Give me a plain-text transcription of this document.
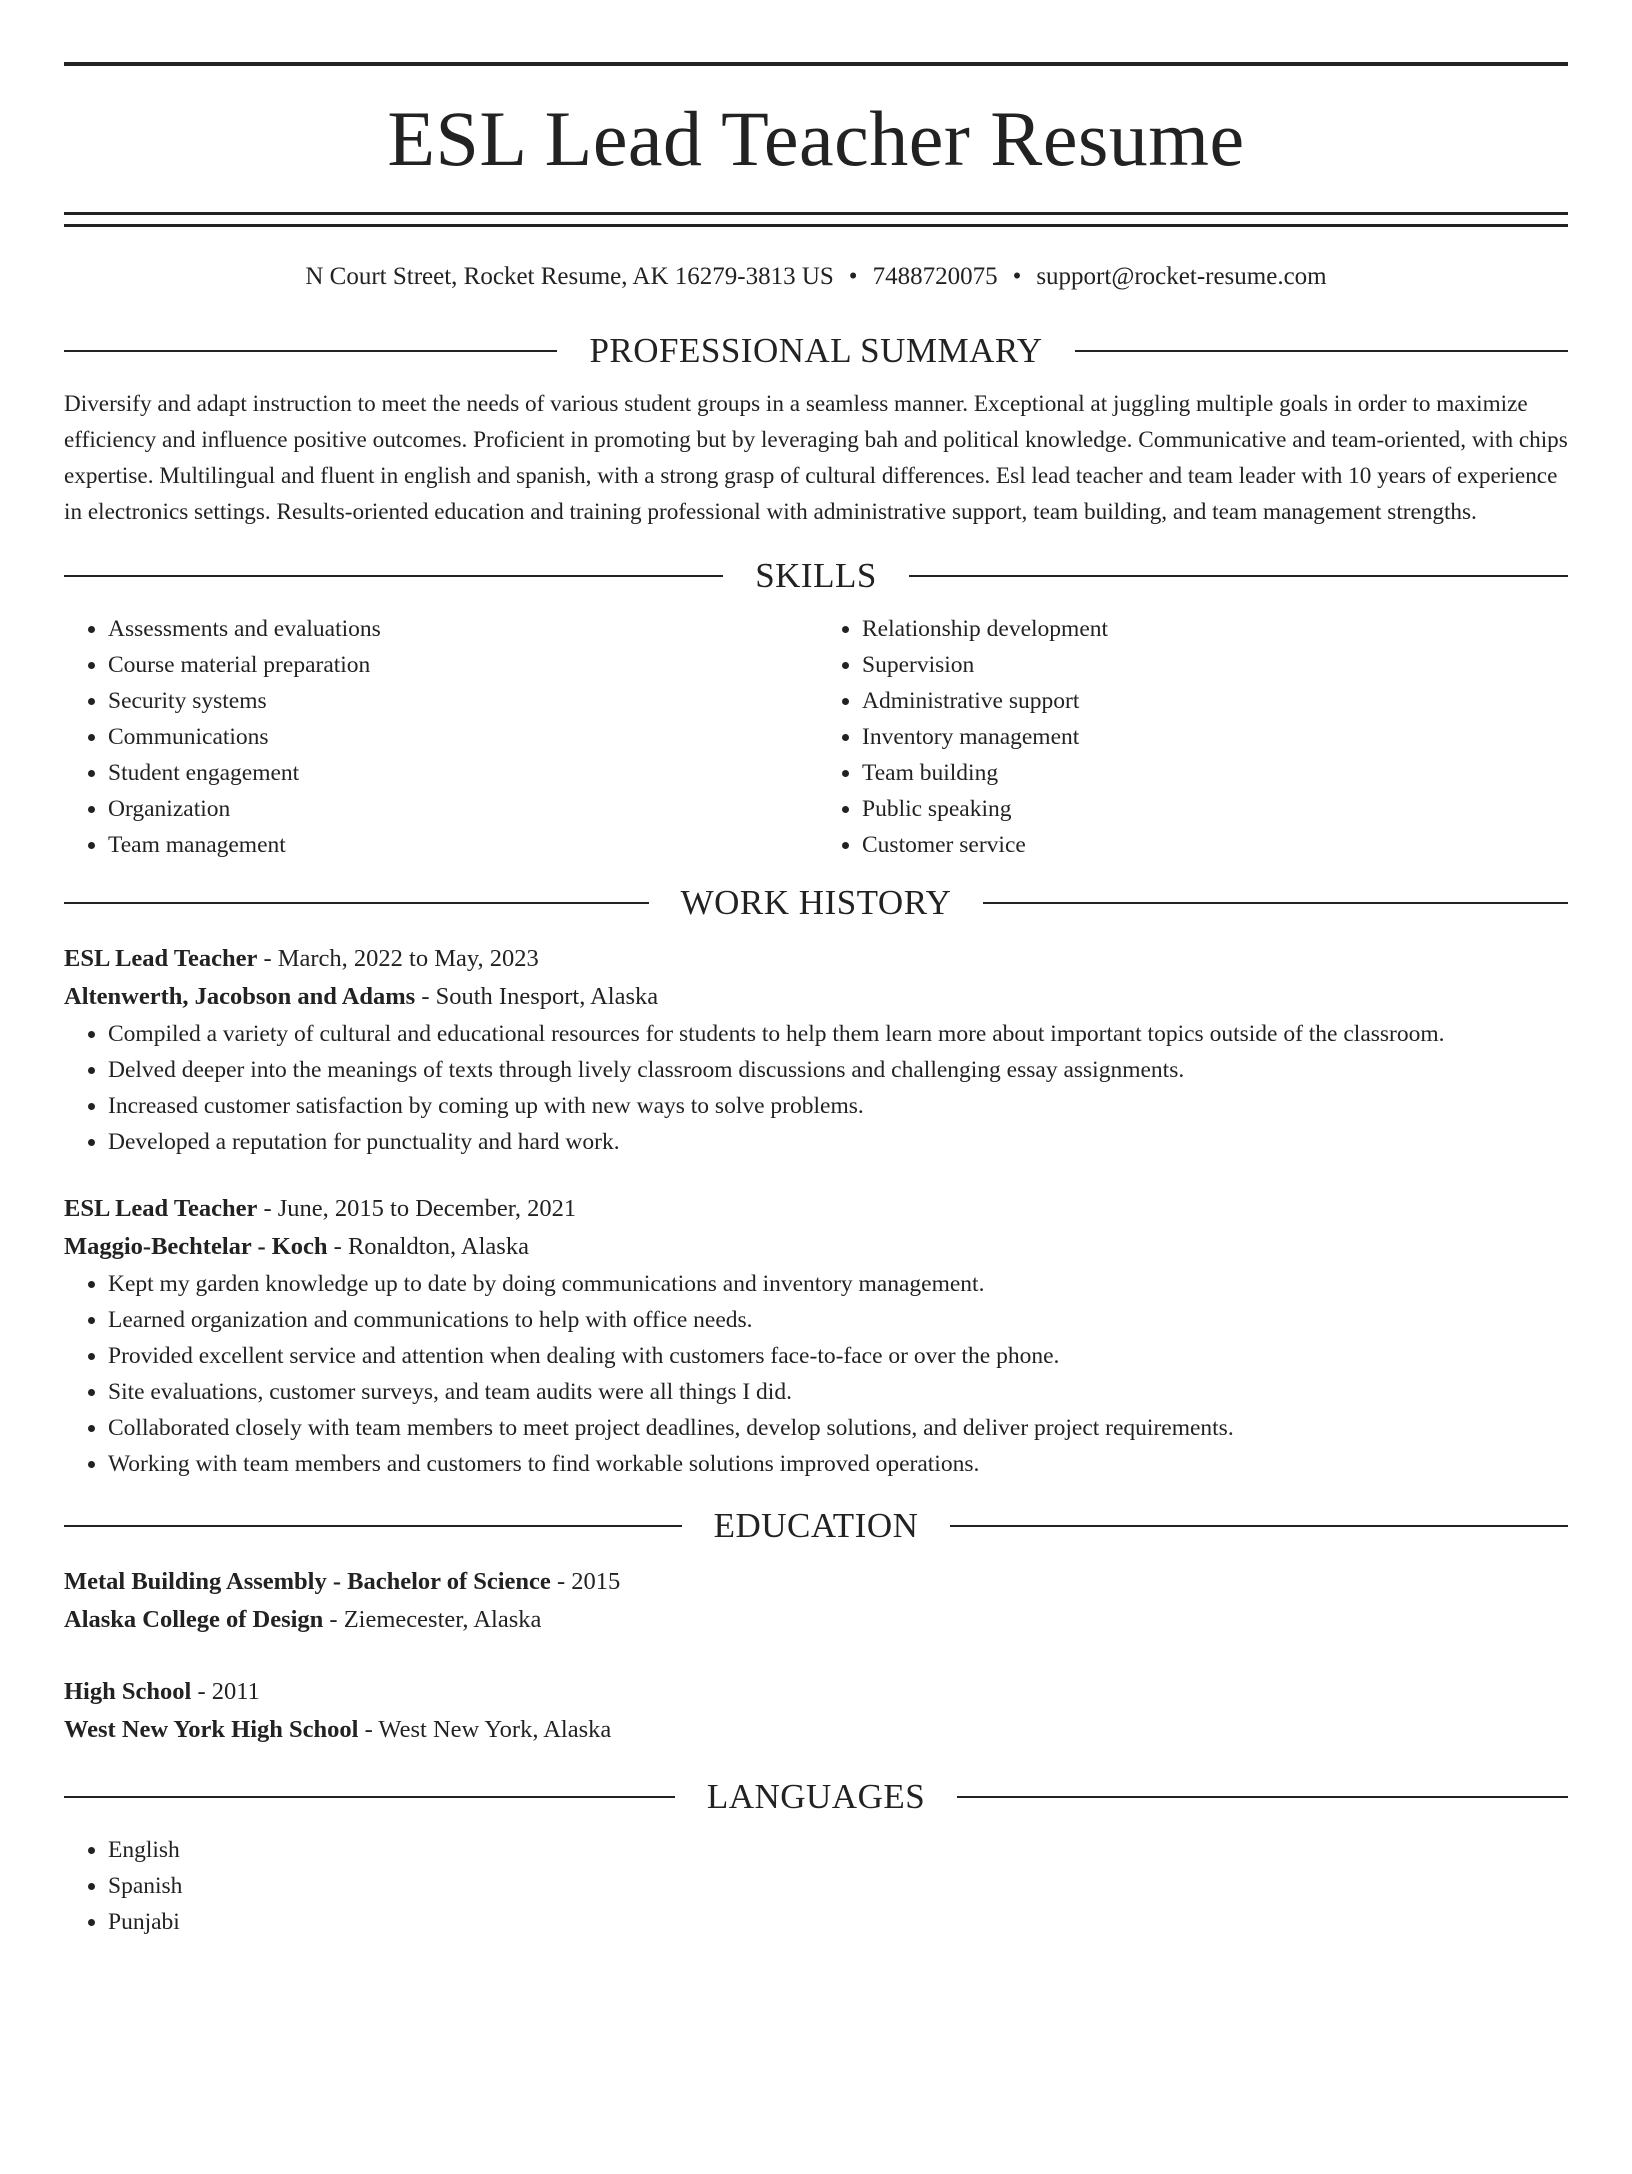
ESL Lead Teacher Resume
N Court Street, Rocket Resume, AK 16279-3813 US • 7488720075 • support@rocket-resume.com
PROFESSIONAL SUMMARY

Diversify and adapt instruction to meet the needs of various student groups in a seamless manner. Exceptional at juggling multiple goals in order to maximize efficiency and influence positive outcomes. Proficient in promoting but by leveraging bah and political knowledge. Communicative and team-oriented, with chips expertise. Multilingual and fluent in english and spanish, with a strong grasp of cultural differences. Esl lead teacher and team leader with 10 years of experience in electronics settings. Results-oriented education and training professional with administrative support, team building, and team management strengths.

SKILLS
• Assessments and evaluations
• Course material preparation
• Security systems
• Communications
• Student engagement
• Organization
• Team management
• Relationship development
• Supervision
• Administrative support
• Inventory management
• Team building
• Public speaking
• Customer service
WORK HISTORY
ESL Lead Teacher - March, 2022 to May, 2023
Altenwerth, Jacobson and Adams - South Inesport, Alaska
• Compiled a variety of cultural and educational resources for students to help them learn more about important topics outside of the classroom.
• Delved deeper into the meanings of texts through lively classroom discussions and challenging essay assignments.
• Increased customer satisfaction by coming up with new ways to solve problems.
• Developed a reputation for punctuality and hard work.
ESL Lead Teacher - June, 2015 to December, 2021
Maggio-Bechtelar - Koch - Ronaldton, Alaska
• Kept my garden knowledge up to date by doing communications and inventory management.
• Learned organization and communications to help with office needs.
• Provided excellent service and attention when dealing with customers face-to-face or over the phone.
• Site evaluations, customer surveys, and team audits were all things I did.
• Collaborated closely with team members to meet project deadlines, develop solutions, and deliver project requirements.
• Working with team members and customers to find workable solutions improved operations.
EDUCATION
Metal Building Assembly - Bachelor of Science - 2015
Alaska College of Design - Ziemecester, Alaska
High School - 2011
West New York High School - West New York, Alaska
LANGUAGES
• English
• Spanish
• Punjabi
